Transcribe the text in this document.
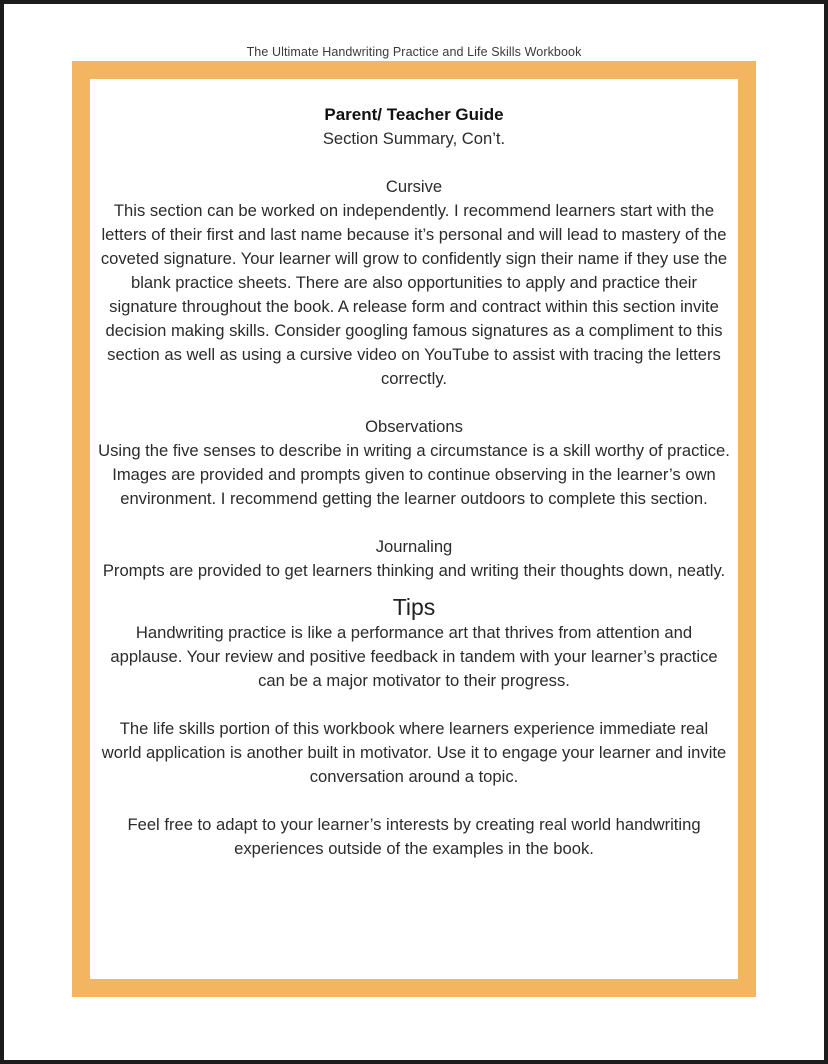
The Ultimate Handwriting Practice and Life Skills Workbook

Parent/ Teacher Guide

Section Summary, Con’t.

Cursive

This section can be worked on independently. I recommend learners start with the letters of their first and last name because it’s personal and will lead to mastery of the coveted signature. Your learner will grow to confidently sign their name if they use the blank practice sheets. There are also opportunities to apply and practice their signature throughout the book. A release form and contract within this section invite decision making skills. Consider googling famous signatures as a compliment to this section as well as using a cursive video on YouTube to assist with tracing the letters correctly.

Observations

Using the five senses to describe in writing a circumstance is a skill worthy of practice. Images are provided and prompts given to continue observing in the learner’s own environment. I recommend getting the learner outdoors to complete this section.

Journaling

Prompts are provided to get learners thinking and writing their thoughts down, neatly.

Tips

Handwriting practice is like a performance art that thrives from attention and applause. Your review and positive feedback in tandem with your learner’s practice can be a major motivator to their progress.

The life skills portion of this workbook where learners experience immediate real world application is another built in motivator. Use it to engage your learner and invite conversation around a topic.

Feel free to adapt to your learner’s interests by creating real world handwriting experiences outside of the examples in the book.
